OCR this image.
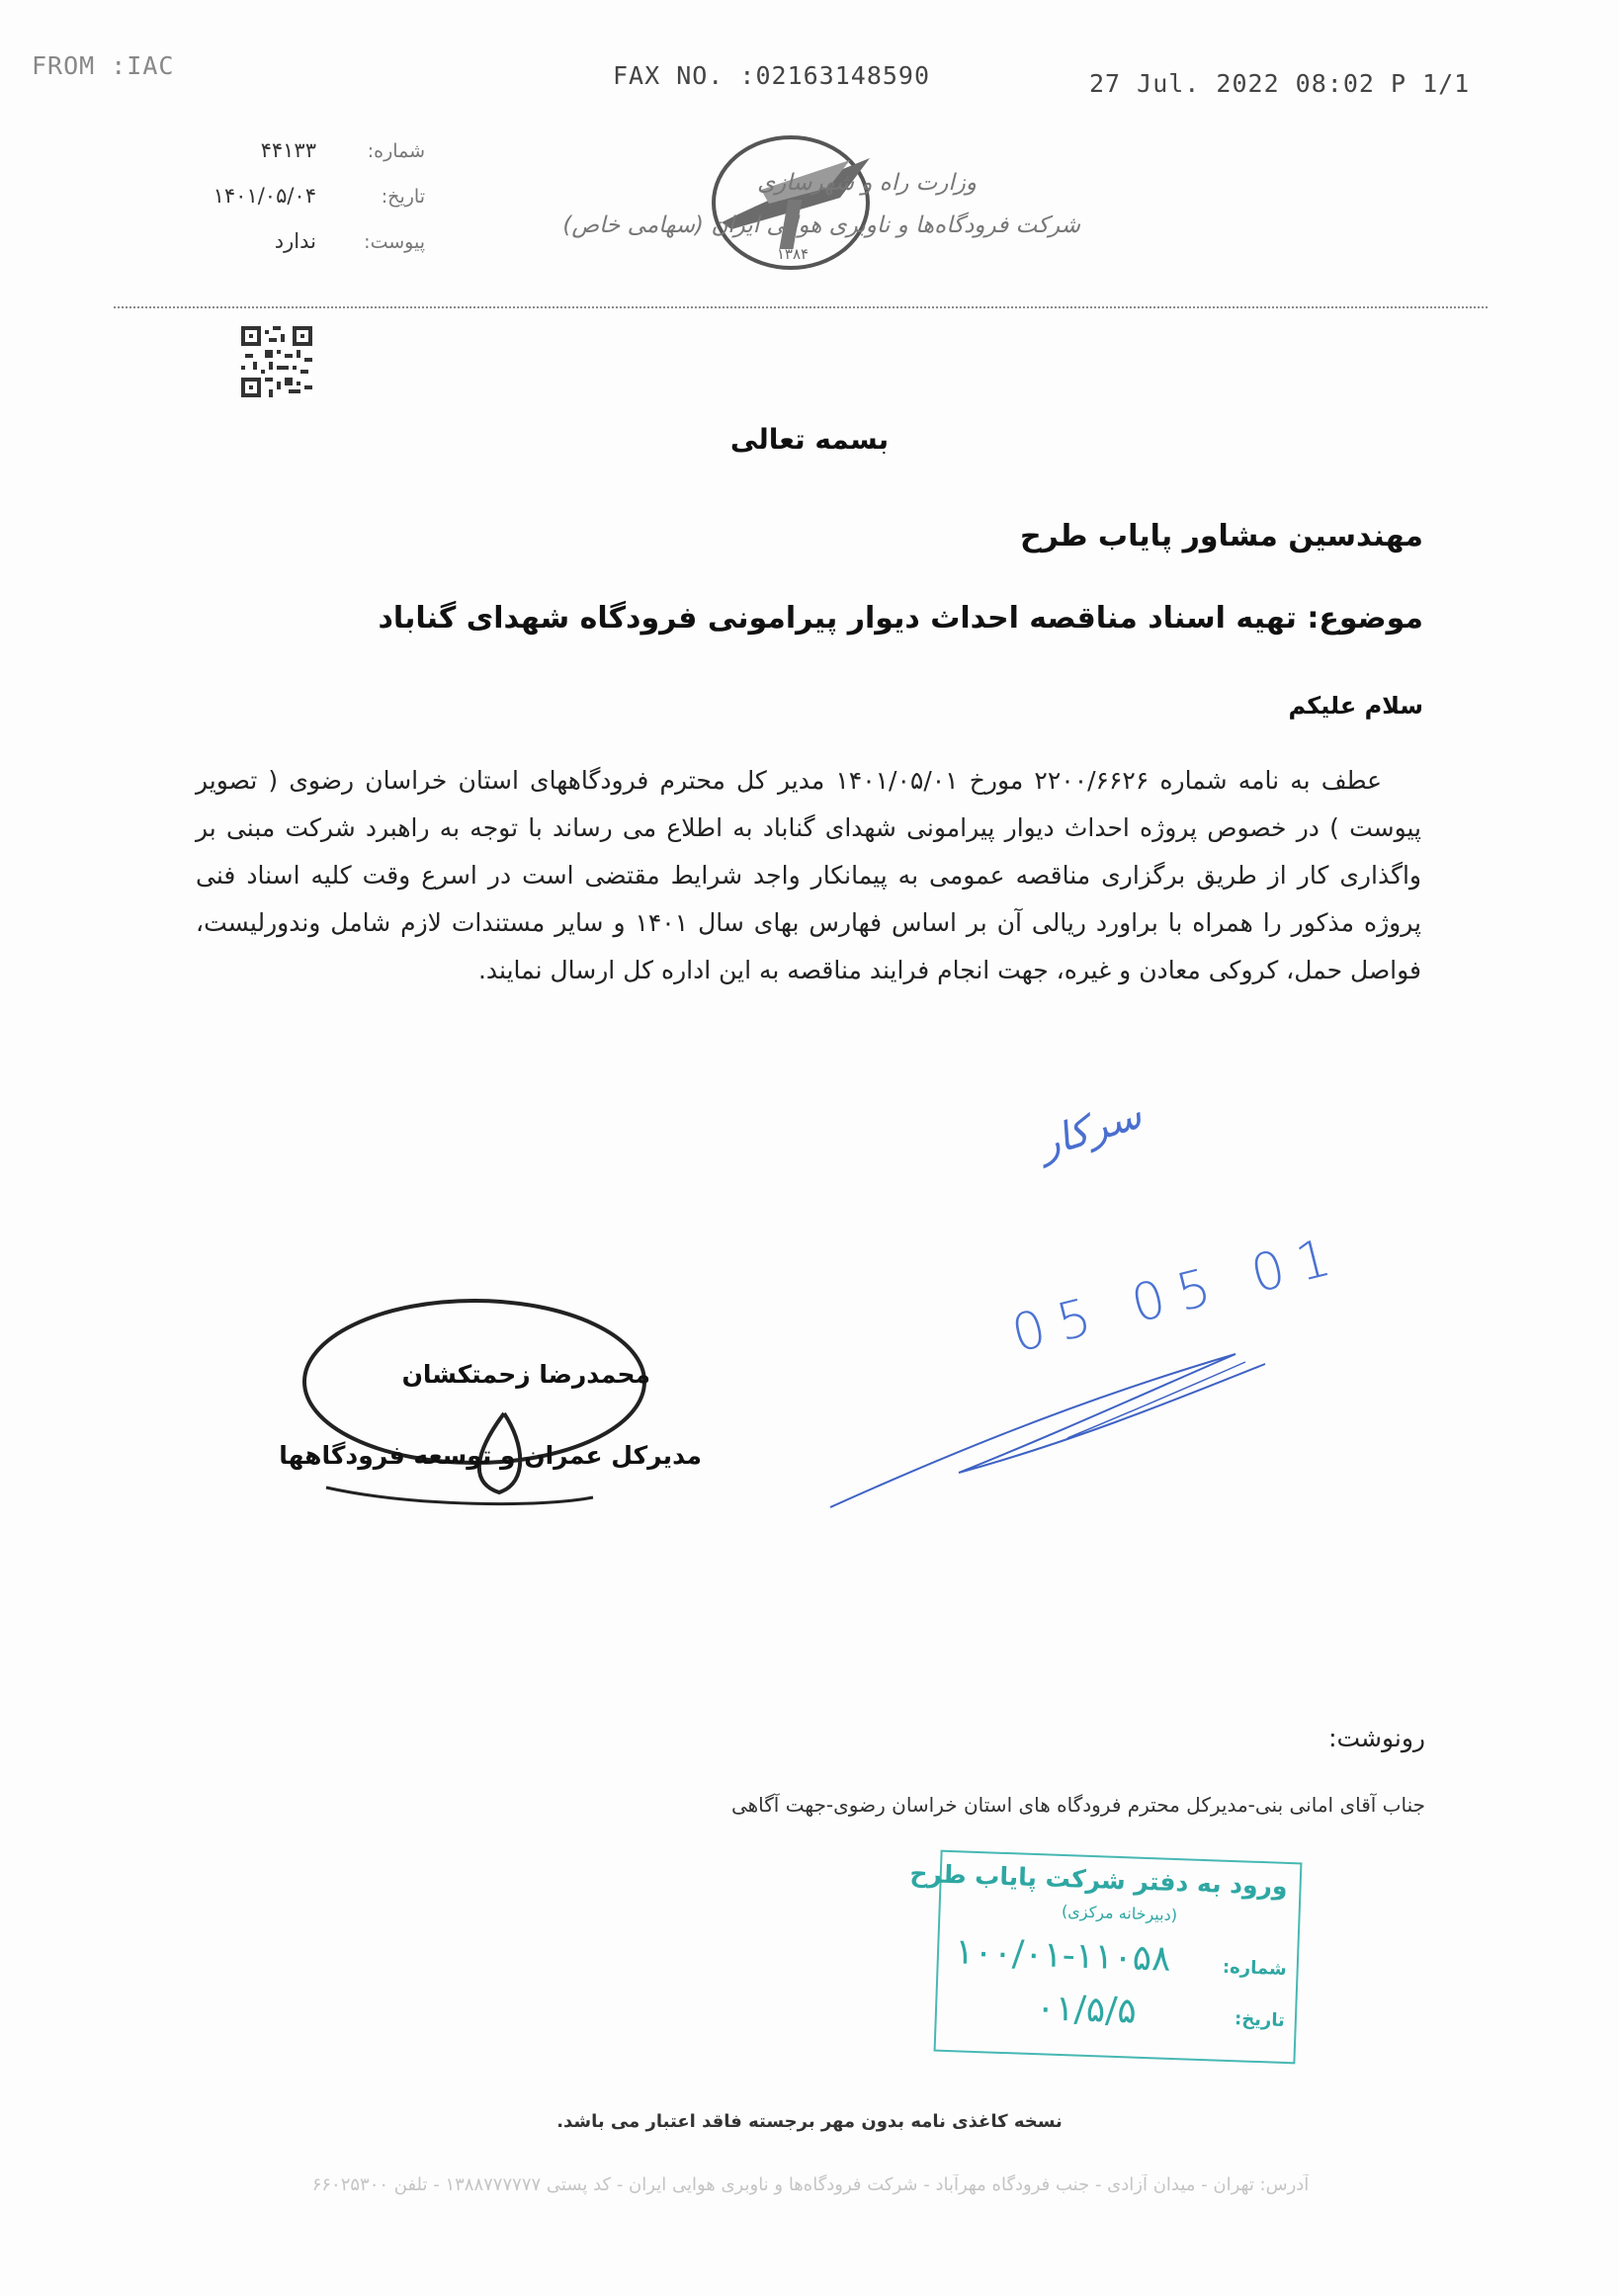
FROM :IAC	FAX NO. :02163148590	27 Jul. 2022 08:02 P 1/1
۴۴۱۳۳	شماره:
۱۴۰۱/۰۵/۰۴	تاریخ:
ندارد	پیوست:
۱۳۸۴
وزارت راه و شهرسازی
شرکت فرودگاه‌ها و ناوبری هوایی ایران (سهامی خاص)
بسمه تعالی
مهندسین مشاور پایاب طرح
موضوع: تهیه اسناد مناقصه احداث دیوار پیرامونی فرودگاه شهدای گناباد
سلام علیکم
عطف به نامه شماره ۲۲۰۰/۶۶۲۶ مورخ ۱۴۰۱/۰۵/۰۱ مدیر کل محترم فرودگاههای استان خراسان رضوی ( تصویر پیوست ) در خصوص پروژه احداث دیوار پیرامونی شهدای گناباد به اطلاع می رساند با توجه به راهبرد شرکت مبنی بر واگذاری کار از طریق برگزاری مناقصه عمومی به پیمانکار واجد شرایط مقتضی است در اسرع وقت کلیه اسناد فنی پروژه مذکور را همراه با براورد ریالی آن بر اساس فهارس بهای سال ۱۴۰۱ و سایر مستندات لازم شامل وندورلیست، فواصل حمل، کروکی معادن و غیره، جهت انجام فرایند مناقصه به این اداره کل ارسال نمایند.
سرکار
05 05 01
محمدرضا زحمتکشان
مدیرکل عمران و توسعه فرودگاهها
رونوشت:
جناب آقای امانی بنی-مدیرکل محترم فرودگاه های استان خراسان رضوی-جهت آگاهی
ورود به دفتر شرکت پایاب طرح
(دبیرخانه مرکزی)
شماره:
۱۰۰/۰۱-۱۱۰۵۸
تاریخ:
۰۱/۵/۵
نسخه کاغذی نامه بدون مهر برجسته فاقد اعتبار می باشد.
آدرس: تهران - میدان آزادی - جنب فرودگاه مهرآباد - شرکت فرودگاه‌ها و ناوبری هوایی ایران - کد پستی ۱۳۸۸۷۷۷۷۷۷ - تلفن ۶۶۰۲۵۳۰۰
